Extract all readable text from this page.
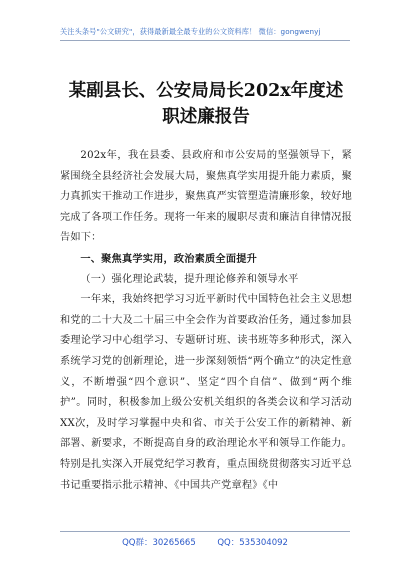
关注头条号"公文研究"，获得最新最全最专业的公文资料库！ 微信：gongwenyj
某副县长、公安局局长202x年度述
职述廉报告

202x年，我在县委、县政府和市公安局的坚强领导下，紧紧围绕全县经济社会发展大局，聚焦真学实用提升能力素质，聚力真抓实干推动工作进步，聚焦真严实管塑造清廉形象，较好地完成了各项工作任务。现将一年来的履职尽责和廉洁自律情况报告如下：

一、聚焦真学实用，政治素质全面提升

（一）强化理论武装，提升理论修养和领导水平

一年来，我始终把学习习近平新时代中国特色社会主义思想和党的二十大及二十届三中全会作为首要政治任务，通过参加县委理论学习中心组学习、专题研讨班、读书班等多种形式，深入系统学习党的创新理论，进一步深刻领悟“两个确立”的决定性意义，不断增强“四个意识”、坚定“四个自信”、做到“两个维护”。同时，积极参加上级公安机关组织的各类会议和学习活动XX次，及时学习掌握中央和省、市关于公安工作的新精神、新部署、新要求，不断提高自身的政治理论水平和领导工作能力。特别是扎实深入开展党纪学习教育，重点围绕贯彻落实习近平总书记重要指示批示精神、《中国共产党章程》《中

QQ群：30265665	QQ：535304092
